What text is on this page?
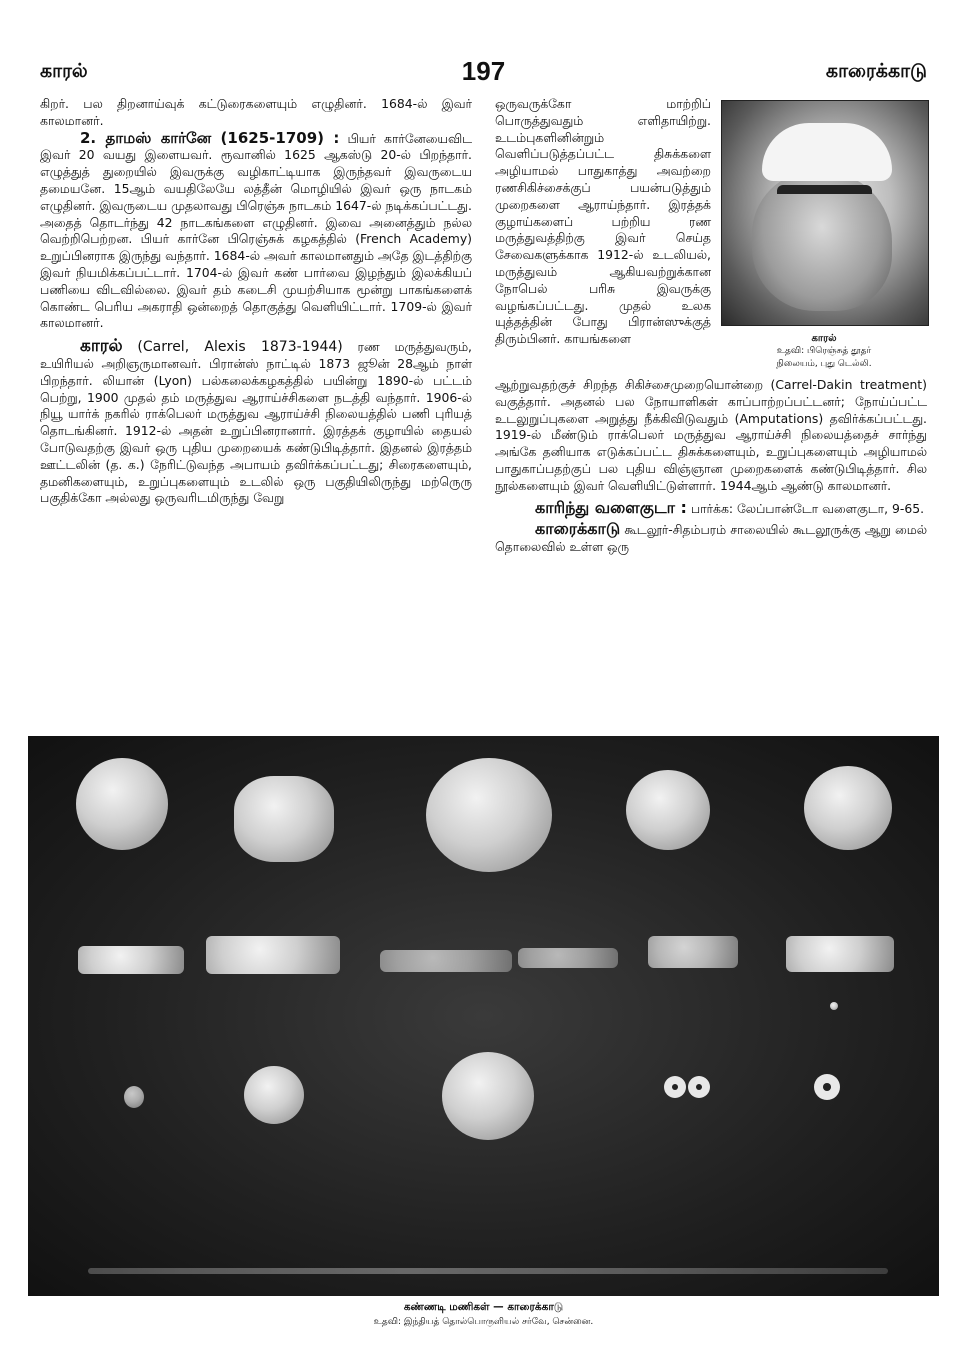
காரல்	197	காரைக்காடு

கிறர். பல திறனாய்வுக் கட்டுரைகளையும் எழுதினர். 1684-ல் இவர் காலமானர்.

2. தாமஸ் கார்னே (1625-1709) : பியர் கார்னேயைவிட இவர் 20 வயது இளையவர். ரூவானில் 1625 ஆகஸ்டு 20-ல் பிறந்தார். எழுத்துத் துறையில் இவருக்கு வழிகாட்டியாக இருந்தவர் இவருடைய தமையனே. 15ஆம் வயதிலேயே லத்தீன் மொழியில் இவர் ஒரு நாடகம் எழுதினர். இவருடைய முதலாவது பிரெஞ்சு நாடகம் 1647-ல் நடிக்கப்பட்டது. அதைத் தொடர்ந்து 42 நாடகங்களை எழுதினர். இவை அனைத்தும் நல்ல வெற்றிபெற்றன. பியர் கார்னே பிரெஞ்சுக் கழகத்தில் (French Academy) உறுப்பினராக இருந்து வந்தார். 1684-ல் அவர் காலமானதும் அதே இடத்திற்கு இவர் நியமிக்கப்பட்டார். 1704-ல் இவர் கண் பார்வை இழந்தும் இலக்கியப் பணியை விடவில்லை. இவர் தம் கடைசி முயற்சியாக மூன்று பாகங்களைக் கொண்ட பெரிய அகராதி ஒன்றைத் தொகுத்து வெளியிட்டார். 1709-ல் இவர் காலமானர்.

காரல் (Carrel, Alexis 1873-1944) ரண மருத்துவரும், உயிரியல் அறிஞருமானவர். பிரான்ஸ் நாட்டில் 1873 ஜூன் 28ஆம் நாள் பிறந்தார். லியான் (Lyon) பல்கலைக்கழகத்தில் பயின்று 1890-ல் பட்டம் பெற்று, 1900 முதல் தம் மருத்துவ ஆராய்ச்சிகளை நடத்தி வந்தார். 1906-ல் நியூ யார்க் நகரில் ராக்பெலர் மருத்துவ ஆராய்ச்சி நிலையத்தில் பணி புரியத் தொடங்கினர். 1912-ல் அதன் உறுப்பினரானார். இரத்தக் குழாயில் தையல் போடுவதற்கு இவர் ஒரு புதிய முறையைக் கண்டுபிடித்தார். இதனல் இரத்தம் ஊட்டலின் (த. க.) நேரிட்டுவந்த அபாயம் தவிர்க்கப்பட்டது; சிரைகளையும், தமனிகளையும், உறுப்புகளையும் உடலில் ஒரு பகுதியிலிருந்து மற்ருெரு பகுதிக்கோ அல்லது ஒருவரிடமிருந்து வேறு

காரல்
உதவி: பிரெஞ்சுத் தூதர்
நிலையம், புது டெல்லி.

ஒருவருக்கோ மாற்றிப் பொருத்துவதும் எளிதாயிற்று. உடம்புகளினின்றும் வெளிப்படுத்தப்பட்ட திசுக்களை அழியாமல் பாதுகாத்து அவற்றை ரணசிகிச்சைக்குப் பயன்படுத்தும் முறைகளை ஆராய்ந்தார். இரத்தக் குழாய்களைப் பற்றிய ரண மருத்துவத்திற்கு இவர் செய்த சேவைகளுக்காக 1912-ல் உடலியல், மருத்துவம் ஆகியவற்றுக்கான நோபெல் பரிசு இவருக்கு வழங்கப்பட்டது. முதல் உலக யுத்தத்தின் போது பிரான்ஸுக்குத் திரும்பினர். காயங்களை

ஆற்றுவதற்குச் சிறந்த சிகிச்சைமுறையொன்றை (Carrel-Dakin treatment) வகுத்தார். அதனல் பல நோயாளிகள் காப்பாற்றப்பட்டனர்; நோய்ப்பட்ட உடலுறுப்புகளை அறுத்து நீக்கிவிடுவதும் (Amputations) தவிர்க்கப்பட்டது. 1919-ல் மீண்டும் ராக்பெலர் மருத்துவ ஆராய்ச்சி நிலையத்தைச் சார்ந்து அங்கே தனியாக எடுக்கப்பட்ட திசுக்களையும், உறுப்புகளையும் அழியாமல் பாதுகாப்பதற்குப் பல புதிய விஞ்ஞான முறைகளைக் கண்டுபிடித்தார். சில நூல்களையும் இவர் வெளியிட்டுள்ளார். 1944ஆம் ஆண்டு காலமானர்.

காரிந்து வளைகுடா : பார்க்க: லேப்பான்டோ வளைகுடா, 9-65.

காரைக்காடு கூடலூர்-சிதம்பரம் சாலையில் கூடலூருக்கு ஆறு மைல் தொலைவில் உள்ள ஒரு

கண்ணடி மணிகள் — காரைக்காடு
உதவி: இந்தியத் தொல்பொருளியல் சர்வே, சென்னை.
